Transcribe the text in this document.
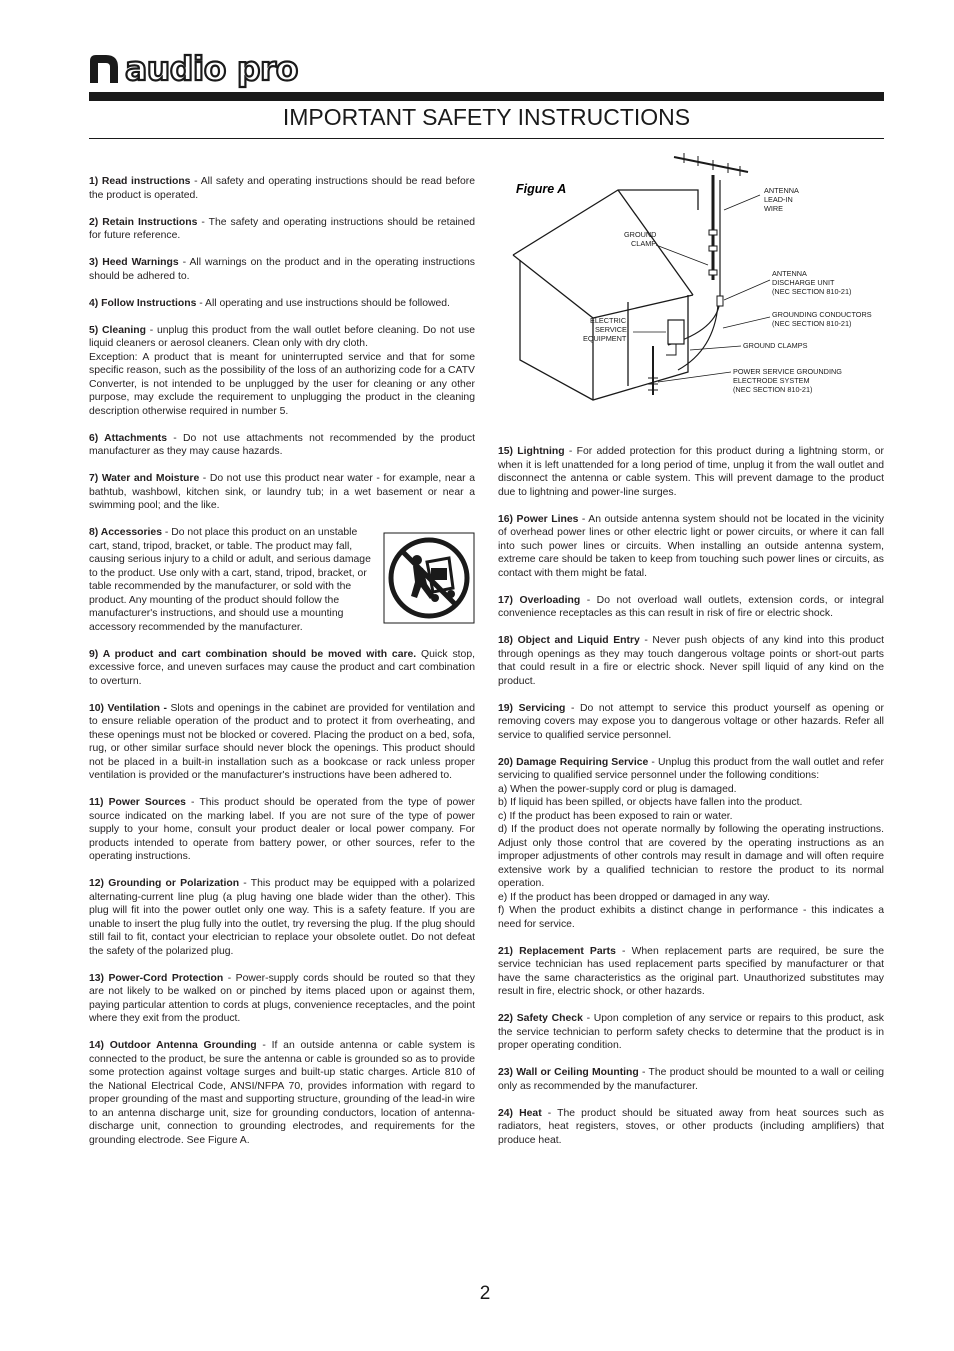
audio pro
IMPORTANT SAFETY INSTRUCTIONS

1) Read instructions - All safety and operating instructions should be read before the product is operated.

2) Retain Instructions - The safety and operating instructions should be retained for future reference.

3) Heed Warnings - All warnings on the product and in the operating instructions should be adhered to.

4) Follow Instructions - All operating and use instructions should be followed.

5) Cleaning - unplug this product from the wall outlet before cleaning. Do not use liquid cleaners or aerosol cleaners. Clean only with dry cloth.
Exception: A product that is meant for uninterrupted service and that for some specific reason, such as the possibility of the loss of an authorizing code for a CATV Converter, is not intended to be unplugged by the user for cleaning or any other purpose, may exclude the requirement to unplugging the product in the cleaning description otherwise required in number 5.

6) Attachments - Do not use attachments not recommended by the product manufacturer as they may cause hazards.

7) Water and Moisture - Do not use this product near water - for example, near a bathtub, washbowl, kitchen sink, or laundry tub; in a wet basement or near a swimming pool; and the like.

8) Accessories - Do not place this product on an unstable cart, stand, tripod, bracket, or table. The product may fall, causing serious injury to a child or adult, and serious damage to the product. Use only with a cart, stand, tripod, bracket, or table recommended by the manufacturer, or sold with the product. Any mounting of the product should follow the manufacturer's instructions, and should use a mounting accessory recommended by the manufacturer.

9) A product and cart combination should be moved with care. Quick stop, excessive force, and uneven surfaces may cause the product and cart combination to overturn.

10) Ventilation - Slots and openings in the cabinet are provided for ventilation and to ensure reliable operation of the product and to protect it from overheating, and these openings must not be blocked or covered. Placing the product on a bed, sofa, rug, or other similar surface should never block the openings. This product should not be placed in a built-in installation such as a bookcase or rack unless proper ventilation is provided or the manufacturer's instructions have been adhered to.

11) Power Sources - This product should be operated from the type of power source indicated on the marking label. If you are not sure of the type of power supply to your home, consult your product dealer or local power company. For products intended to operate from battery power, or other sources, refer to the operating instructions.

12) Grounding or Polarization - This product may be equipped with a polarized alternating-current line plug (a plug having one blade wider than the other). This plug will fit into the power outlet only one way. This is a safety feature. If you are unable to insert the plug fully into the outlet, try reversing the plug. If the plug should still fail to fit, contact your electrician to replace your obsolete outlet. Do not defeat the safety of the polarized plug.

13) Power-Cord Protection - Power-supply cords should be routed so that they are not likely to be walked on or pinched by items placed upon or against them, paying particular attention to cords at plugs, convenience receptacles, and the point where they exit from the product.

14) Outdoor Antenna Grounding - If an outside antenna or cable system is connected to the product, be sure the antenna or cable is grounded so as to provide some protection against voltage surges and built-up static charges. Article 810 of the National Electrical Code, ANSI/NFPA 70, provides information with regard to proper grounding of the mast and supporting structure, grounding of the lead-in wire to an antenna discharge unit, size for grounding conductors, location of antenna-discharge unit, connection to grounding electrodes, and requirements for the grounding electrode. See Figure A.

Figure A	ANTENNA
LEAD-IN
WIRE
GROUND
CLAMP
ANTENNA
DISCHARGE UNIT
(NEC SECTION 810-21)
GROUNDING CONDUCTORS
(NEC SECTION 810-21)
ELECTRIC
SERVICE
EQUIPMENT
GROUND CLAMPS
POWER SERVICE GROUNDING
ELECTRODE SYSTEM
(NEC SECTION 810-21)

15) Lightning - For added protection for this product during a lightning storm, or when it is left unattended for a long period of time, unplug it from the wall outlet and disconnect the antenna or cable system. This will prevent damage to the product due to lightning and power-line surges.

16) Power Lines - An outside antenna system should not be located in the vicinity of overhead power lines or other electric light or power circuits, or where it can fall into such power lines or circuits. When installing an outside antenna system, extreme care should be taken to keep from touching such power lines or circuits, as contact with them might be fatal.

17) Overloading - Do not overload wall outlets, extension cords, or integral convenience receptacles as this can result in risk of fire or electric shock.

18) Object and Liquid Entry - Never push objects of any kind into this product through openings as they may touch dangerous voltage points or short-out parts that could result in a fire or electric shock. Never spill liquid of any kind on the product.

19) Servicing - Do not attempt to service this product yourself as opening or removing covers may expose you to dangerous voltage or other hazards. Refer all service to qualified service personnel.

20) Damage Requiring Service - Unplug this product from the wall outlet and refer servicing to qualified service personnel under the following conditions:
a) When the power-supply cord or plug is damaged.
b) If liquid has been spilled, or objects have fallen into the product.
c) If the product has been exposed to rain or water.
d) If the product does not operate normally by following the operating instructions. Adjust only those control that are covered by the operating instructions as an improper adjustments of other controls may result in damage and will often require extensive work by a qualified technician to restore the product to its normal operation.
e) If the product has been dropped or damaged in any way.
f) When the product exhibits a distinct change in performance - this indicates a need for service.

21) Replacement Parts - When replacement parts are required, be sure the service technician has used replacement parts specified by manufacturer or that have the same characteristics as the original part. Unauthorized substitutes may result in fire, electric shock, or other hazards.

22) Safety Check - Upon completion of any service or repairs to this product, ask the service technician to perform safety checks to determine that the product is in proper operating condition.

23) Wall or Ceiling Mounting - The product should be mounted to a wall or ceiling only as recommended by the manufacturer.

24) Heat - The product should be situated away from heat sources such as radiators, heat registers, stoves, or other products (including amplifiers) that produce heat.

2
